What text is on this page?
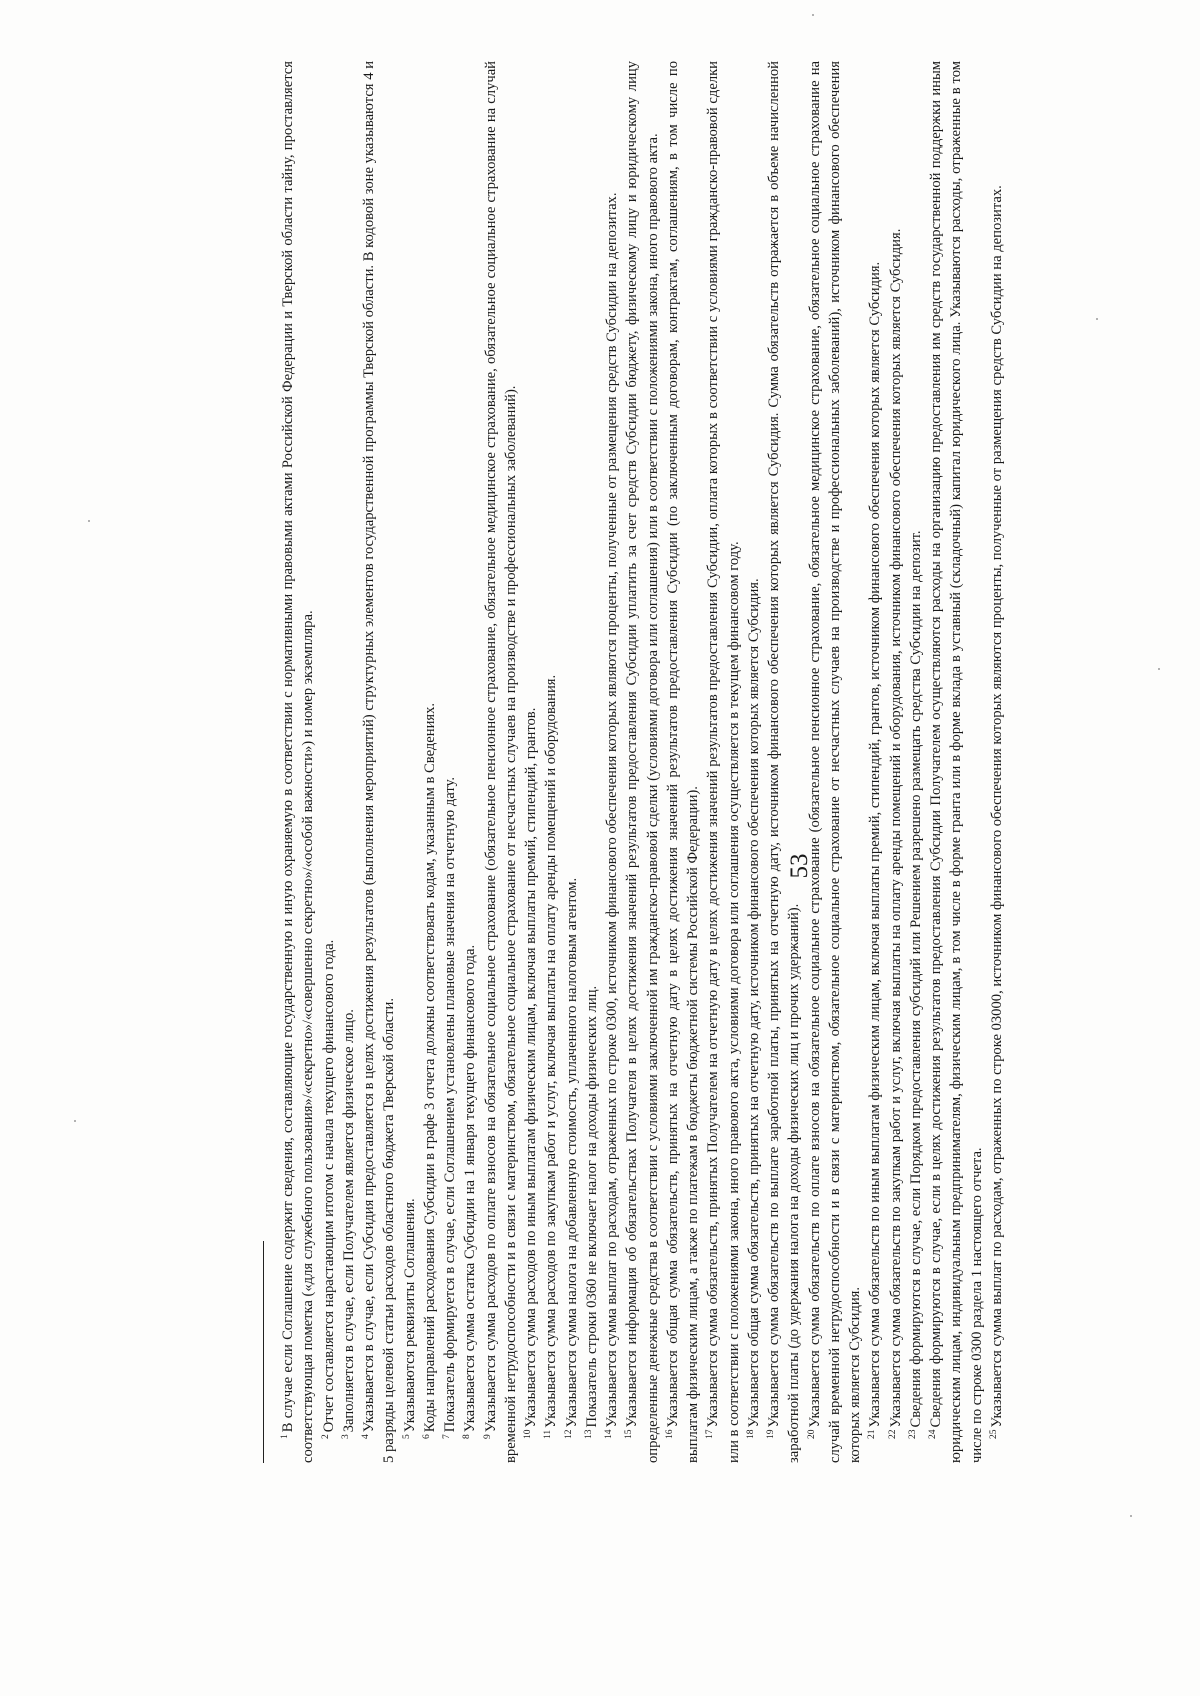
53

$^1$В случае если Соглашение содержит сведения, составляющие государственную и иную охраняемую в соответствии с нормативными правовыми актами Российской Федерации и Тверской области тайну, проставляется соответствующая пометка («для служебного пользования»/«секретно»/«совершенно секретно»/«особой важности») и номер экземпляра. $^2$Отчет составляется нарастающим итогом с начала текущего финансового года.

$^3$Заполняется в случае, если Получателем является физическое лицо.

$^4$Указывается в случае, если Субсидия предоставляется в целях достижения результатов (выполнения мероприятий) структурных элементов государственной программы Тверской области. В кодовой зоне указываются 4 и 5 разряды целевой статьи расходов областного бюджета Тверской области. $^5$Указываются реквизиты Соглашения.

$^6$Коды направлений расходования Субсидии в графе 3 отчета должны соответствовать кодам, указанным в Сведениях.

$^7$Показатель формируется в случае, если Соглашением установлены плановые значения на отчетную дату.

$^8$Указывается сумма остатка Субсидии на 1 января текущего финансового года.

$^9$Указывается сумма расходов по оплате взносов на обязательное социальное страхование (обязательное пенсионное страхование, обязательное медицинское страхование, обязательное социальное страхование на случай временной нетрудоспособности и в связи с материнством, обязательное социальное страхование от несчастных случаев на производстве и профессиональных заболеваний). $^{10}$Указывается сумма расходов по иным выплатам физическим лицам, включая выплаты премий, стипендий, грантов.

$^{11}$Указывается сумма расходов по закупкам работ и услуг, включая выплаты на оплату аренды помещений и оборудования.

$^{12}$Указывается сумма налога на добавленную стоимость, уплаченного налоговым агентом.

$^{13}$Показатель строки 0360 не включает налог на доходы физических лиц.

$^{14}$Указывается сумма выплат по расходам, отраженных по строке 0300, источником финансового обеспечения которых являются проценты, полученные от размещения средств Субсидии на депозитах.

$^{15}$Указывается информация об обязательствах Получателя в целях достижения значений результатов предоставления Субсидии уплатить за счет средств Субсидии бюджету, физическому лицу и юридическому лицу определенные денежные средства в соответствии с условиями заключенной им гражданско-правовой сделки (условиями договора или соглашения) или в соответствии с положениями закона, иного правового акта. $^{16}$Указывается общая сумма обязательств, принятых на отчетную дату в целях достижения значений результатов предоставления Субсидии (по заключенным договорам, контрактам, соглашениям, в том числе по выплатам физическим лицам, а также по платежам в бюджеты бюджетной системы Российской Федерации). $^{17}$Указывается сумма обязательств, принятых Получателем на отчетную дату в целях достижения значений результатов предоставления Субсидии, оплата которых в соответствии с условиями гражданско-правовой сделки или в соответствии с положениями закона, иного правового акта, условиями договора или соглашения осуществляется в текущем финансовом году. $^{18}$Указывается общая сумма обязательств, принятых на отчетную дату, источником финансового обеспечения которых является Субсидия.

$^{19}$Указывается сумма обязательств по выплате заработной платы, принятых на отчетную дату, источником финансового обеспечения которых является Субсидия. Сумма обязательств отражается в объеме начисленной заработной платы (до удержания налога на доходы физических лиц и прочих удержаний). $^{20}$Указывается сумма обязательств по оплате взносов на обязательное социальное страхование (обязательное пенсионное страхование, обязательное медицинское страхование, обязательное социальное страхование на случай временной нетрудоспособности и в связи с материнством, обязательное социальное страхование от несчастных случаев на производстве и профессиональных заболеваний), источником финансового обеспечения которых является Субсидия. $^{21}$Указывается сумма обязательств по иным выплатам физическим лицам, включая выплаты премий, стипендий, грантов, источником финансового обеспечения которых является Субсидия.

$^{22}$Указывается сумма обязательств по закупкам работ и услуг, включая выплаты на оплату аренды помещений и оборудования, источником финансового обеспечения которых является Субсидия.

$^{23}$Сведения формируются в случае, если Порядком предоставления субсидий или Решением разрешено размещать средства Субсидии на депозит.

$^{24}$Сведения формируются в случае, если в целях достижения результатов предоставления Субсидии Получателем осуществляются расходы на организацию предоставления им средств государственной поддержки иным юридическим лицам, индивидуальным предпринимателям, физическим лицам, в том числе в форме гранта или в форме вклада в уставный (складочный) капитал юридического лица. Указываются расходы, отраженные в том числе по строке 0300 раздела 1 настоящего отчета. $^{25}$Указывается сумма выплат по расходам, отраженных по строке 03000, источником финансового обеспечения которых являются проценты, полученные от размещения средств Субсидии на депозитах.
